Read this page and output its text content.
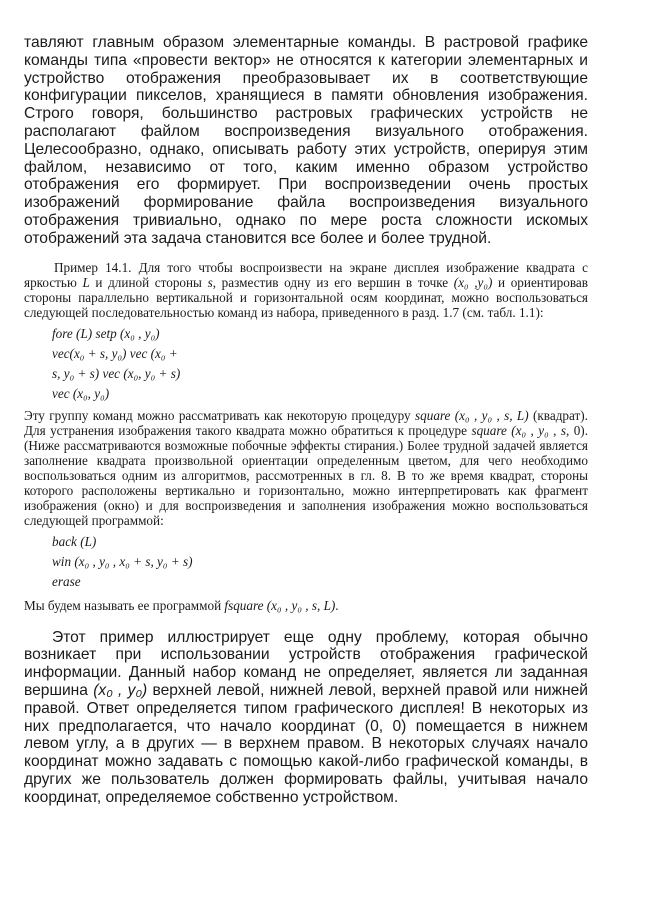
тавляют главным образом элементарные команды. В растровой графике команды типа «провести вектор» не относятся к категории элементарных и устройство отображения преобразовывает их в соответствующие конфигурации пикселов, хранящиеся в памяти обновления изображения. Строго говоря, большинство растровых графических устройств не располагают файлом воспроизведения визуального отображения. Целесообразно, однако, описывать работу этих устройств, оперируя этим файлом, независимо от того, каким именно образом устройство отображения его формирует. При воспроизведении очень простых изображений формирование файла воспроизведения визуального отображения тривиально, однако по мере роста сложности искомых отображений эта задача становится все более и более трудной.

Пример 14.1. Для того чтобы воспроизвести на экране дисплея изображение квадрата с яркостью L и длиной стороны s, разместив одну из его вершин в точке (x₀ ,y₀) и ориентировав стороны параллельно вертикальной и горизонтальной осям координат, можно воспользоваться следующей последовательностью команд из набора, приведенного в разд. 1.7 (см. табл. 1.1):

fore (L) setp (x₀ , y₀)
vec(x₀ + s, y₀) vec (x₀ +
s, y₀ + s) vec (x₀, y₀ + s)
vec (x₀, y₀)

Эту группу команд можно рассматривать как некоторую процедуру square (x₀ , y₀ , s, L) (квадрат). Для устранения изображения такого квадрата можно обратиться к процедуре square (x₀ , y₀ , s, 0). (Ниже рассматриваются возможные побочные эффекты стирания.) Более трудной задачей является заполнение квадрата произвольной ориентации определенным цветом, для чего необходимо воспользоваться одним из алгоритмов, рассмотренных в гл. 8. В то же время квадрат, стороны которого расположены вертикально и горизонтально, можно интерпретировать как фрагмент изображения (окно) и для воспроизведения и заполнения изображения можно воспользоваться следующей программой:

back (L)
win (x₀ , y₀ , x₀ + s, y₀ + s)
erase

Мы будем называть ее программой fsquare (x₀ , y₀ , s, L).

Этот пример иллюстрирует еще одну проблему, которая обычно возникает при использовании устройств отображения графической информации. Данный набор команд не определяет, является ли заданная вершина (x₀ , y₀) верхней левой, нижней левой, верхней правой или нижней правой. Ответ определяется типом графического дисплея! В некоторых из них предполагается, что начало координат (0, 0) помещается в нижнем левом углу, а в других — в верхнем правом. В некоторых случаях начало координат можно задавать с помощью какой-либо графической команды, в других же пользователь должен формировать файлы, учитывая начало координат, определяемое собственно устройством.
